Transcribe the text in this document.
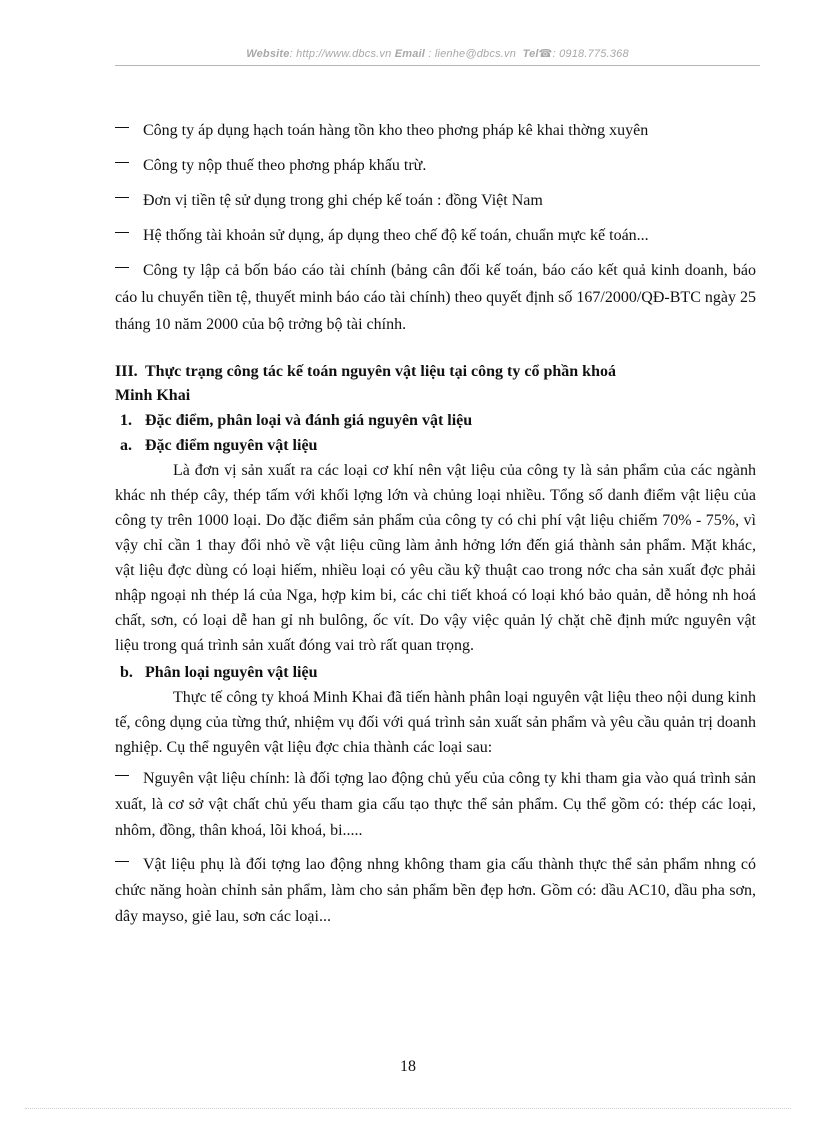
Website: http://www.dbcs.vn Email : lienhe@dbcs.vn Tel☎: 0918.775.368

Công ty áp dụng hạch toán hàng tồn kho theo phơng pháp kê khai thờng xuyên

Công ty nộp thuế theo phơng pháp khấu trừ.

Đơn vị tiền tệ sử dụng trong ghi chép kế toán : đồng Việt Nam

Hệ thống tài khoản sử dụng, áp dụng theo chế độ kế toán, chuẩn mực kế toán...

Công ty lập cả bốn báo cáo tài chính (bảng cân đối kế toán, báo cáo kết quả kinh doanh, báo cáo lu chuyển tiền tệ, thuyết minh báo cáo tài chính) theo quyết định số 167/2000/QĐ-BTC ngày 25 tháng 10 năm 2000 của bộ trởng bộ tài chính.

III. Thực trạng công tác kế toán nguyên vật liệu tại công ty cổ phần khoá

Minh Khai

1. Đặc điểm, phân loại và đánh giá nguyên vật liệu

a. Đặc điểm nguyên vật liệu

Là đơn vị sản xuất ra các loại cơ khí nên vật liệu của công ty là sản phẩm của các ngành khác nh thép cây, thép tấm với khối lợng lớn và chủng loại nhiều. Tổng số danh điểm vật liệu của công ty trên 1000 loại. Do đặc điểm sản phẩm của công ty có chi phí vật liệu chiếm 70% - 75%, vì vậy chỉ cần 1 thay đổi nhỏ về vật liệu cũng làm ảnh hởng lớn đến giá thành sản phẩm. Mặt khác, vật liệu đợc dùng có loại hiếm, nhiều loại có yêu cầu kỹ thuật cao trong nớc cha sản xuất đợc phải nhập ngoại nh thép lá của Nga, hợp kim bi, các chi tiết khoá có loại khó bảo quản, dễ hỏng nh hoá chất, sơn, có loại dễ han gỉ nh bulông, ốc vít. Do vậy việc quản lý chặt chẽ định mức nguyên vật liệu trong quá trình sản xuất đóng vai trò rất quan trọng.

b. Phân loại nguyên vật liệu

Thực tế công ty khoá Minh Khai đã tiến hành phân loại nguyên vật liệu theo nội dung kinh tế, công dụng của từng thứ, nhiệm vụ đối với quá trình sản xuất sản phẩm và yêu cầu quản trị doanh nghiệp. Cụ thể nguyên vật liệu đợc chia thành các loại sau:

Nguyên vật liệu chính: là đối tợng lao động chủ yếu của công ty khi tham gia vào quá trình sản xuất, là cơ sở vật chất chủ yếu tham gia cấu tạo thực thể sản phẩm. Cụ thể gồm có: thép các loại, nhôm, đồng, thân khoá, lõi khoá, bi.....

Vật liệu phụ là đối tợng lao động nhng không tham gia cấu thành thực thể sản phẩm nhng có chức năng hoàn chỉnh sản phẩm, làm cho sản phẩm bền đẹp hơn. Gồm có: dầu AC10, dầu pha sơn, dây mayso, giẻ lau, sơn các loại...

18
